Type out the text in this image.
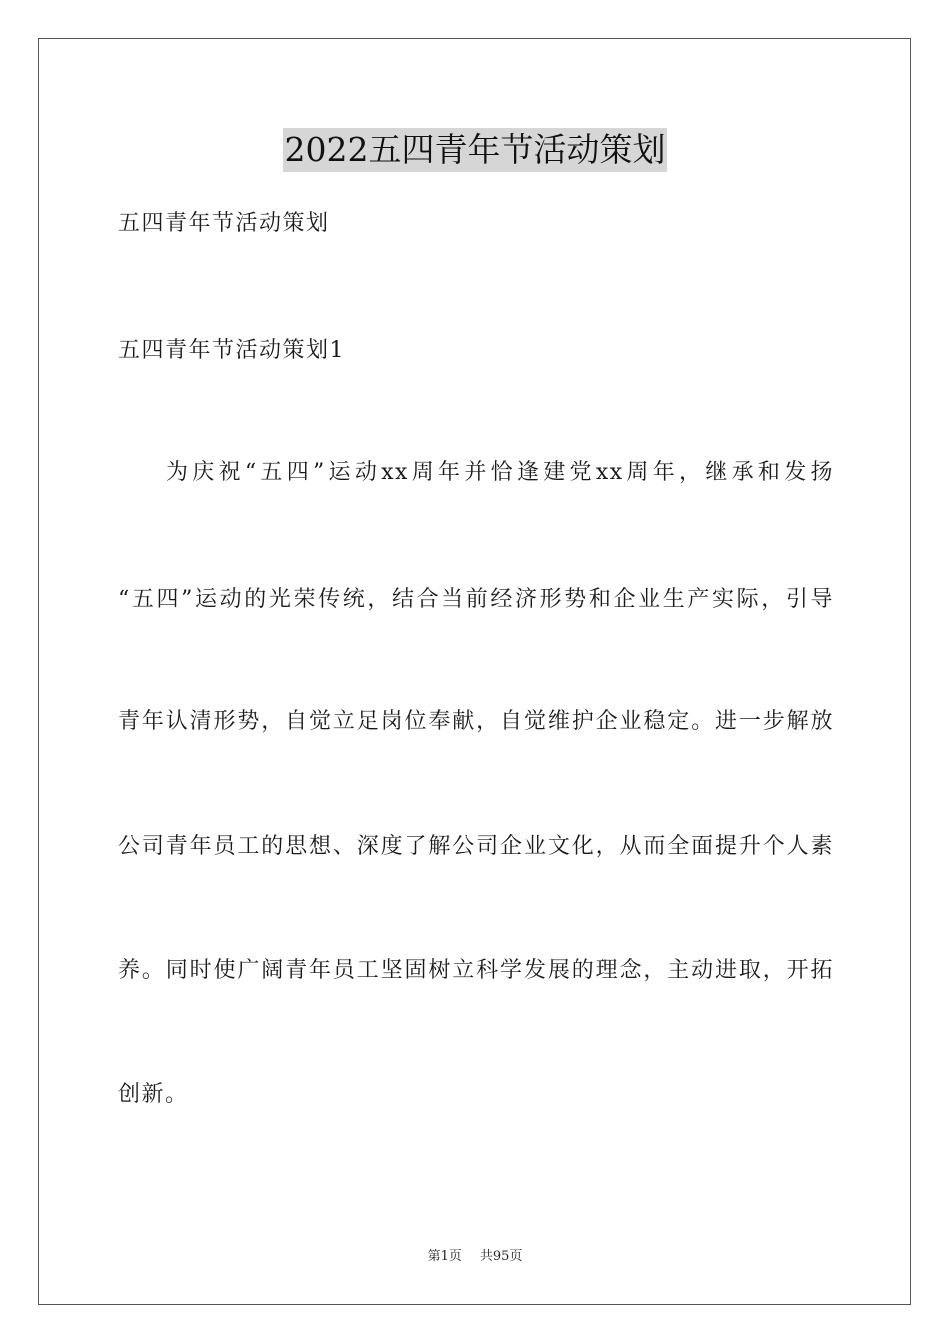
2022五四青年节活动策划
五四青年节活动策划
五四青年节活动策划1
为庆祝“五四”运动xx周年并恰逢建党xx周年，继承和发扬
“五四”运动的光荣传统，结合当前经济形势和企业生产实际，引导
青年认清形势，自觉立足岗位奉献，自觉维护企业稳定。进一步解放
公司青年员工的思想、深度了解公司企业文化，从而全面提升个人素
养。同时使广阔青年员工坚固树立科学发展的理念，主动进取，开拓
创新。
第1页 共95页
